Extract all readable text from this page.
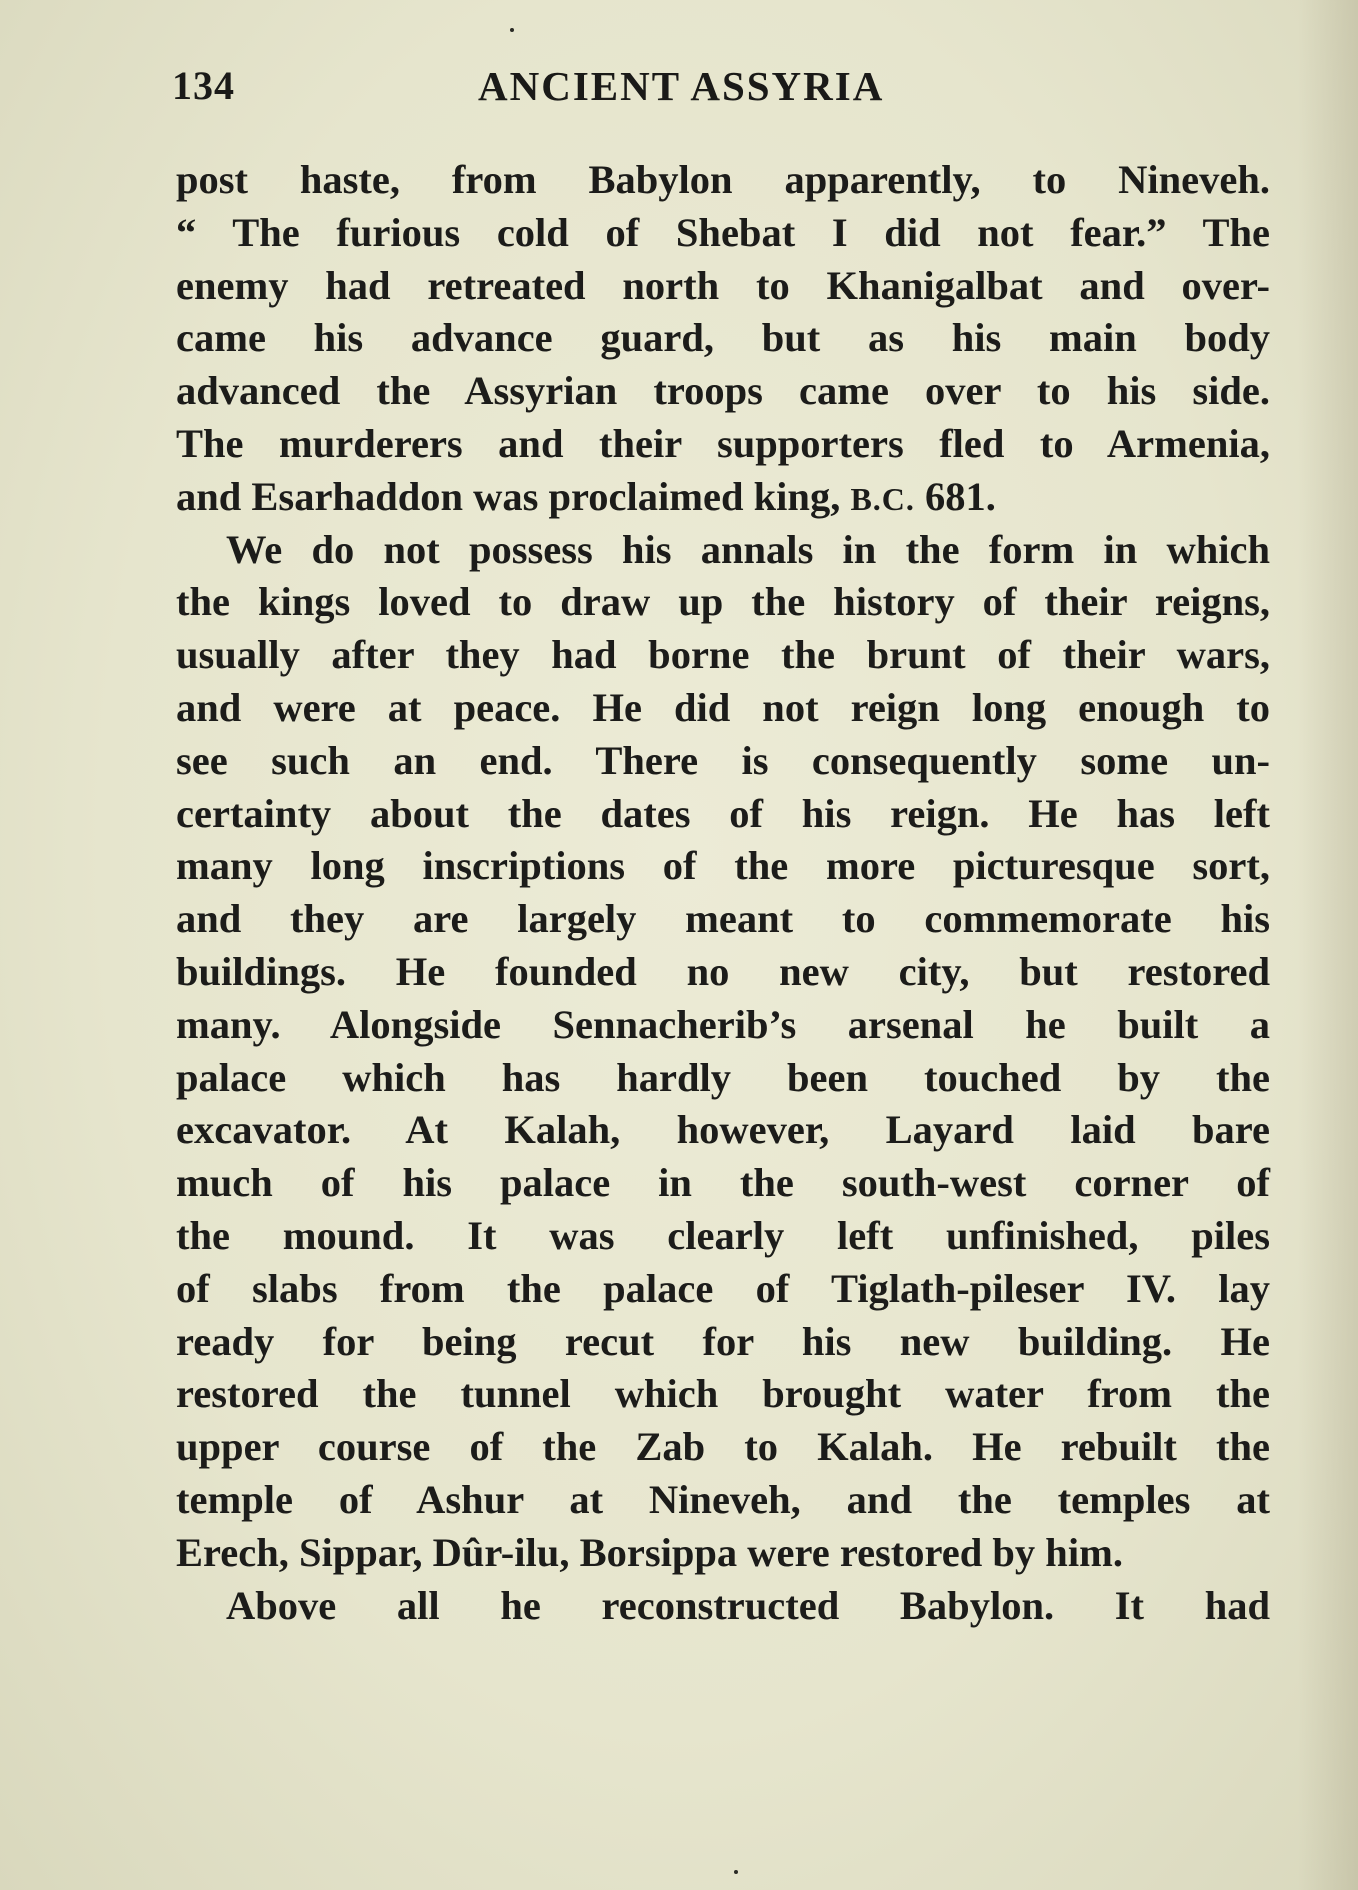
134	ANCIENT ASSYRIA
post haste, from Babylon apparently, to Nineveh.
“ The furious cold of Shebat I did not fear.” The
enemy had retreated north to Khanigalbat and over-
came his advance guard, but as his main body
advanced the Assyrian troops came over to his side.
The murderers and their supporters fled to Armenia,
and Esarhaddon was proclaimed king, B.C. 681.
We do not possess his annals in the form in which
the kings loved to draw up the history of their reigns,
usually after they had borne the brunt of their wars,
and were at peace. He did not reign long enough to
see such an end. There is consequently some un-
certainty about the dates of his reign. He has left
many long inscriptions of the more picturesque sort,
and they are largely meant to commemorate his
buildings. He founded no new city, but restored
many. Alongside Sennacherib’s arsenal he built a
palace which has hardly been touched by the
excavator. At Kalah, however, Layard laid bare
much of his palace in the south-west corner of
the mound. It was clearly left unfinished, piles
of slabs from the palace of Tiglath-pileser IV. lay
ready for being recut for his new building. He
restored the tunnel which brought water from the
upper course of the Zab to Kalah. He rebuilt the
temple of Ashur at Nineveh, and the temples at
Erech, Sippar, Dûr-ilu, Borsippa were restored by him.
Above all he reconstructed Babylon. It had
